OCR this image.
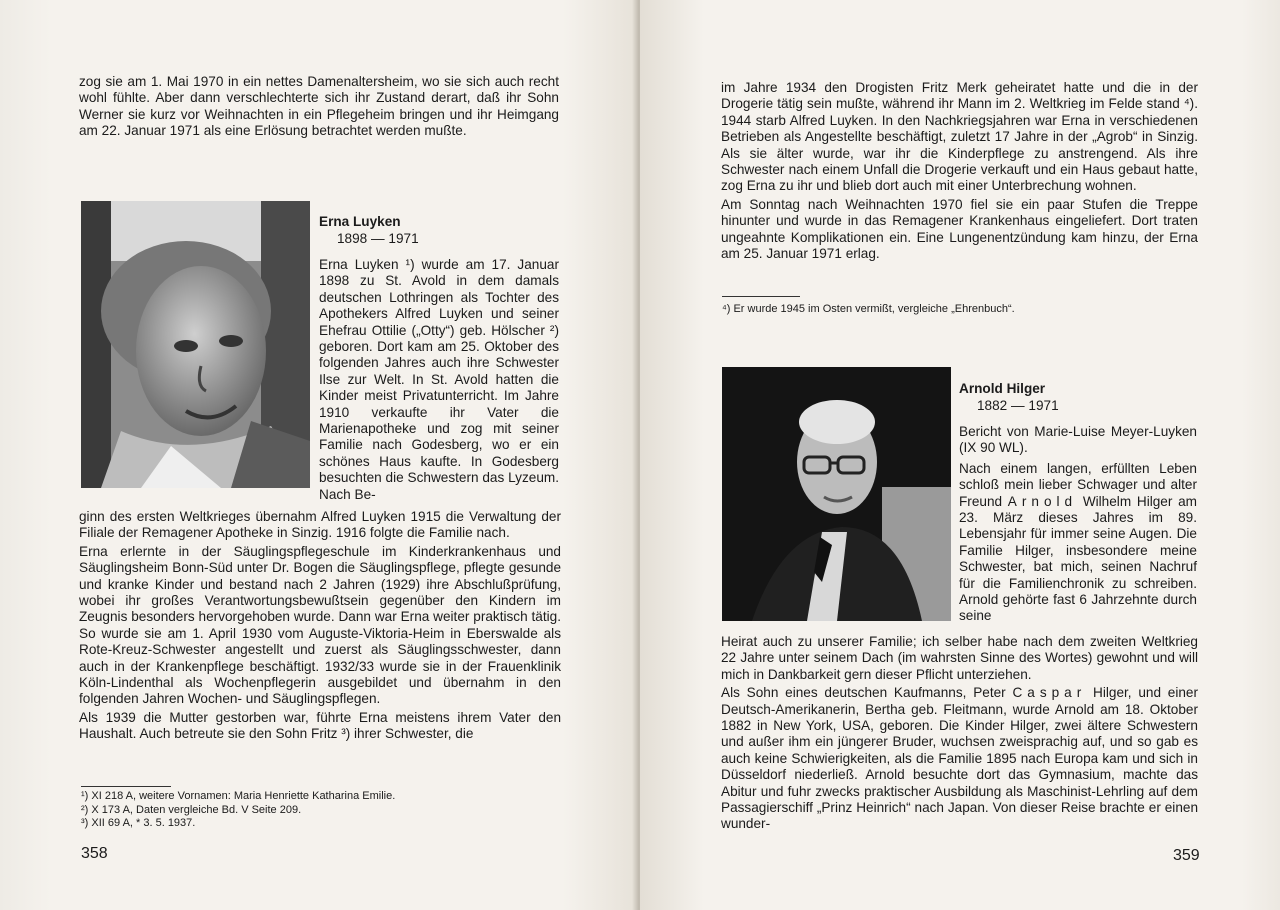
zog sie am 1. Mai 1970 in ein nettes Damenaltersheim, wo sie sich auch recht wohl fühlte. Aber dann verschlechterte sich ihr Zustand derart, daß ihr Sohn Werner sie kurz vor Weihnachten in ein Pflegeheim bringen und ihr Heimgang am 22. Januar 1971 als eine Erlösung betrachtet werden mußte.

Erna Luyken

1898 — 1971

Erna Luyken ¹) wurde am 17. Januar 1898 zu St. Avold in dem damals deutschen Lothringen als Tochter des Apothekers Alfred Luyken und seiner Ehefrau Ottilie („Otty“) geb. Hölscher ²) geboren. Dort kam am 25. Oktober des folgenden Jahres auch ihre Schwester Ilse zur Welt. In St. Avold hatten die Kinder meist Privatunterricht. Im Jahre 1910 verkaufte ihr Vater die Marienapotheke und zog mit seiner Familie nach Godesberg, wo er ein schönes Haus kaufte. In Godesberg besuchten die Schwestern das Lyzeum. Nach Be-

ginn des ersten Weltkrieges übernahm Alfred Luyken 1915 die Verwaltung der Filiale der Remagener Apotheke in Sinzig. 1916 folgte die Familie nach.

Erna erlernte in der Säuglingspflegeschule im Kinderkrankenhaus und Säuglingsheim Bonn-Süd unter Dr. Bogen die Säuglingspflege, pflegte gesunde und kranke Kinder und bestand nach 2 Jahren (1929) ihre Abschlußprüfung, wobei ihr großes Verantwortungsbewußtsein gegenüber den Kindern im Zeugnis besonders hervorgehoben wurde. Dann war Erna weiter praktisch tätig. So wurde sie am 1. April 1930 vom Auguste-Viktoria-Heim in Eberswalde als Rote-Kreuz-Schwester angestellt und zuerst als Säuglingsschwester, dann auch in der Krankenpflege beschäftigt. 1932/33 wurde sie in der Frauenklinik Köln-Lindenthal als Wochenpflegerin ausgebildet und übernahm in den folgenden Jahren Wochen- und Säuglingspflegen.

Als 1939 die Mutter gestorben war, führte Erna meistens ihrem Vater den Haushalt. Auch betreute sie den Sohn Fritz ³) ihrer Schwester, die

¹) XI 218 A, weitere Vornamen: Maria Henriette Katharina Emilie.

²) X 173 A, Daten vergleiche Bd. V Seite 209.

³) XII 69 A, * 3. 5. 1937.

358

im Jahre 1934 den Drogisten Fritz Merk geheiratet hatte und die in der Drogerie tätig sein mußte, während ihr Mann im 2. Weltkrieg im Felde stand ⁴). 1944 starb Alfred Luyken. In den Nachkriegsjahren war Erna in verschiedenen Betrieben als Angestellte beschäftigt, zuletzt 17 Jahre in der „Agrob“ in Sinzig. Als sie älter wurde, war ihr die Kinderpflege zu anstrengend. Als ihre Schwester nach einem Unfall die Drogerie verkauft und ein Haus gebaut hatte, zog Erna zu ihr und blieb dort auch mit einer Unterbrechung wohnen.

Am Sonntag nach Weihnachten 1970 fiel sie ein paar Stufen die Treppe hinunter und wurde in das Remagener Krankenhaus eingeliefert. Dort traten ungeahnte Komplikationen ein. Eine Lungenentzündung kam hinzu, der Erna am 25. Januar 1971 erlag.

⁴) Er wurde 1945 im Osten vermißt, vergleiche „Ehrenbuch“.

Arnold Hilger

1882 — 1971

Bericht von Marie-Luise Meyer-Luyken (IX 90 WL).

Nach einem langen, erfüllten Leben schloß mein lieber Schwager und alter Freund Arnold Wilhelm Hilger am 23. März dieses Jahres im 89. Lebensjahr für immer seine Augen. Die Familie Hilger, insbesondere meine Schwester, bat mich, seinen Nachruf für die Familienchronik zu schreiben. Arnold gehörte fast 6 Jahrzehnte durch seine

Heirat auch zu unserer Familie; ich selber habe nach dem zweiten Weltkrieg 22 Jahre unter seinem Dach (im wahrsten Sinne des Wortes) gewohnt und will mich in Dankbarkeit gern dieser Pflicht unterziehen.

Als Sohn eines deutschen Kaufmanns, Peter Caspar Hilger, und einer Deutsch-Amerikanerin, Bertha geb. Fleitmann, wurde Arnold am 18. Oktober 1882 in New York, USA, geboren. Die Kinder Hilger, zwei ältere Schwestern und außer ihm ein jüngerer Bruder, wuchsen zweisprachig auf, und so gab es auch keine Schwierigkeiten, als die Familie 1895 nach Europa kam und sich in Düsseldorf niederließ. Arnold besuchte dort das Gymnasium, machte das Abitur und fuhr zwecks praktischer Ausbildung als Maschinist-Lehrling auf dem Passagierschiff „Prinz Heinrich“ nach Japan. Von dieser Reise brachte er einen wunder-

359
